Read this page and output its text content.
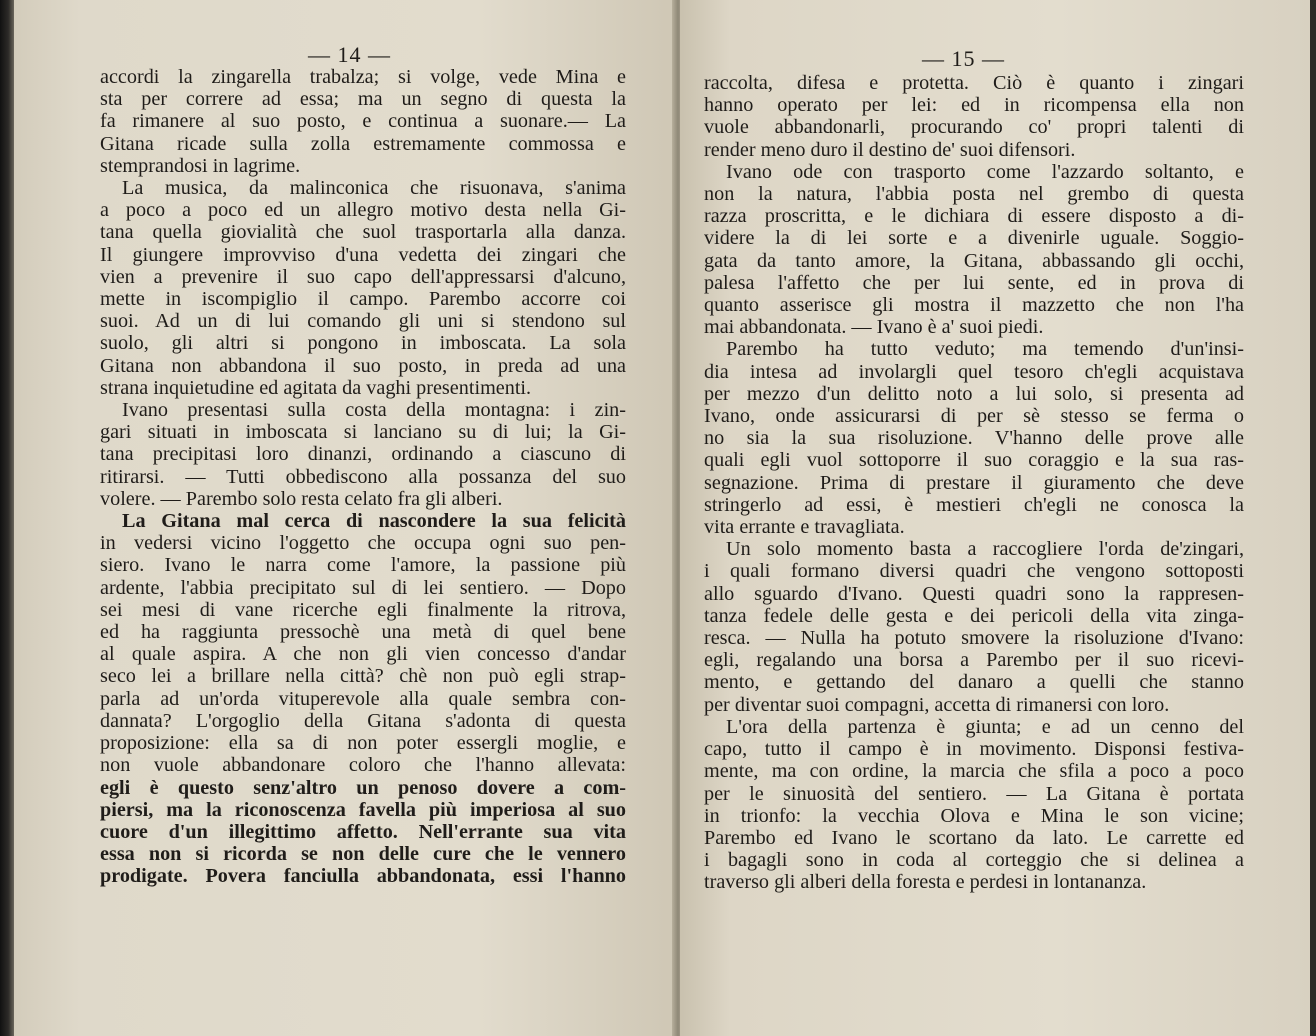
— 14 —
accordi la zingarella trabalza; si volge, vede Mina e
sta per correre ad essa; ma un segno di questa la
fa rimanere al suo posto, e continua a suonare.— La
Gitana ricade sulla zolla estremamente commossa e
stemprandosi in lagrime.
La musica, da malinconica che risuonava, s'anima
a poco a poco ed un allegro motivo desta nella Gi-
tana quella giovialità che suol trasportarla alla danza.
Il giungere improvviso d'una vedetta dei zingari che
vien a prevenire il suo capo dell'appressarsi d'alcuno,
mette in iscompiglio il campo. Parembo accorre coi
suoi. Ad un di lui comando gli uni si stendono sul
suolo, gli altri si pongono in imboscata. La sola
Gitana non abbandona il suo posto, in preda ad una
strana inquietudine ed agitata da vaghi presentimenti.
Ivano presentasi sulla costa della montagna: i zin-
gari situati in imboscata si lanciano su di lui; la Gi-
tana precipitasi loro dinanzi, ordinando a ciascuno di
ritirarsi. — Tutti obbediscono alla possanza del suo
volere. — Parembo solo resta celato fra gli alberi.
La Gitana mal cerca di nascondere la sua felicità
in vedersi vicino l'oggetto che occupa ogni suo pen-
siero. Ivano le narra come l'amore, la passione più
ardente, l'abbia precipitato sul di lei sentiero. — Dopo
sei mesi di vane ricerche egli finalmente la ritrova,
ed ha raggiunta pressochè una metà di quel bene
al quale aspira. A che non gli vien concesso d'andar
seco lei a brillare nella città? chè non può egli strap-
parla ad un'orda vituperevole alla quale sembra con-
dannata? L'orgoglio della Gitana s'adonta di questa
proposizione: ella sa di non poter essergli moglie, e
non vuole abbandonare coloro che l'hanno allevata:
egli è questo senz'altro un penoso dovere a com-
piersi, ma la riconoscenza favella più imperiosa al suo
cuore d'un illegittimo affetto. Nell'errante sua vita
essa non si ricorda se non delle cure che le vennero
prodigate. Povera fanciulla abbandonata, essi l'hanno
— 15 —
raccolta, difesa e protetta. Ciò è quanto i zingari
hanno operato per lei: ed in ricompensa ella non
vuole abbandonarli, procurando co' propri talenti di
render meno duro il destino de' suoi difensori.
Ivano ode con trasporto come l'azzardo soltanto, e
non la natura, l'abbia posta nel grembo di questa
razza proscritta, e le dichiara di essere disposto a di-
videre la di lei sorte e a divenirle uguale. Soggio-
gata da tanto amore, la Gitana, abbassando gli occhi,
palesa l'affetto che per lui sente, ed in prova di
quanto asserisce gli mostra il mazzetto che non l'ha
mai abbandonata. — Ivano è a' suoi piedi.
Parembo ha tutto veduto; ma temendo d'un'insi-
dia intesa ad involargli quel tesoro ch'egli acquistava
per mezzo d'un delitto noto a lui solo, si presenta ad
Ivano, onde assicurarsi di per sè stesso se ferma o
no sia la sua risoluzione. V'hanno delle prove alle
quali egli vuol sottoporre il suo coraggio e la sua ras-
segnazione. Prima di prestare il giuramento che deve
stringerlo ad essi, è mestieri ch'egli ne conosca la
vita errante e travagliata.
Un solo momento basta a raccogliere l'orda de'zingari,
i quali formano diversi quadri che vengono sottoposti
allo sguardo d'Ivano. Questi quadri sono la rappresen-
tanza fedele delle gesta e dei pericoli della vita zinga-
resca. — Nulla ha potuto smovere la risoluzione d'Ivano:
egli, regalando una borsa a Parembo per il suo ricevi-
mento, e gettando del danaro a quelli che stanno
per diventar suoi compagni, accetta di rimanersi con loro.
L'ora della partenza è giunta; e ad un cenno del
capo, tutto il campo è in movimento. Disponsi festiva-
mente, ma con ordine, la marcia che sfila a poco a poco
per le sinuosità del sentiero. — La Gitana è portata
in trionfo: la vecchia Olova e Mina le son vicine;
Parembo ed Ivano le scortano da lato. Le carrette ed
i bagagli sono in coda al corteggio che si delinea a
traverso gli alberi della foresta e perdesi in lontananza.
